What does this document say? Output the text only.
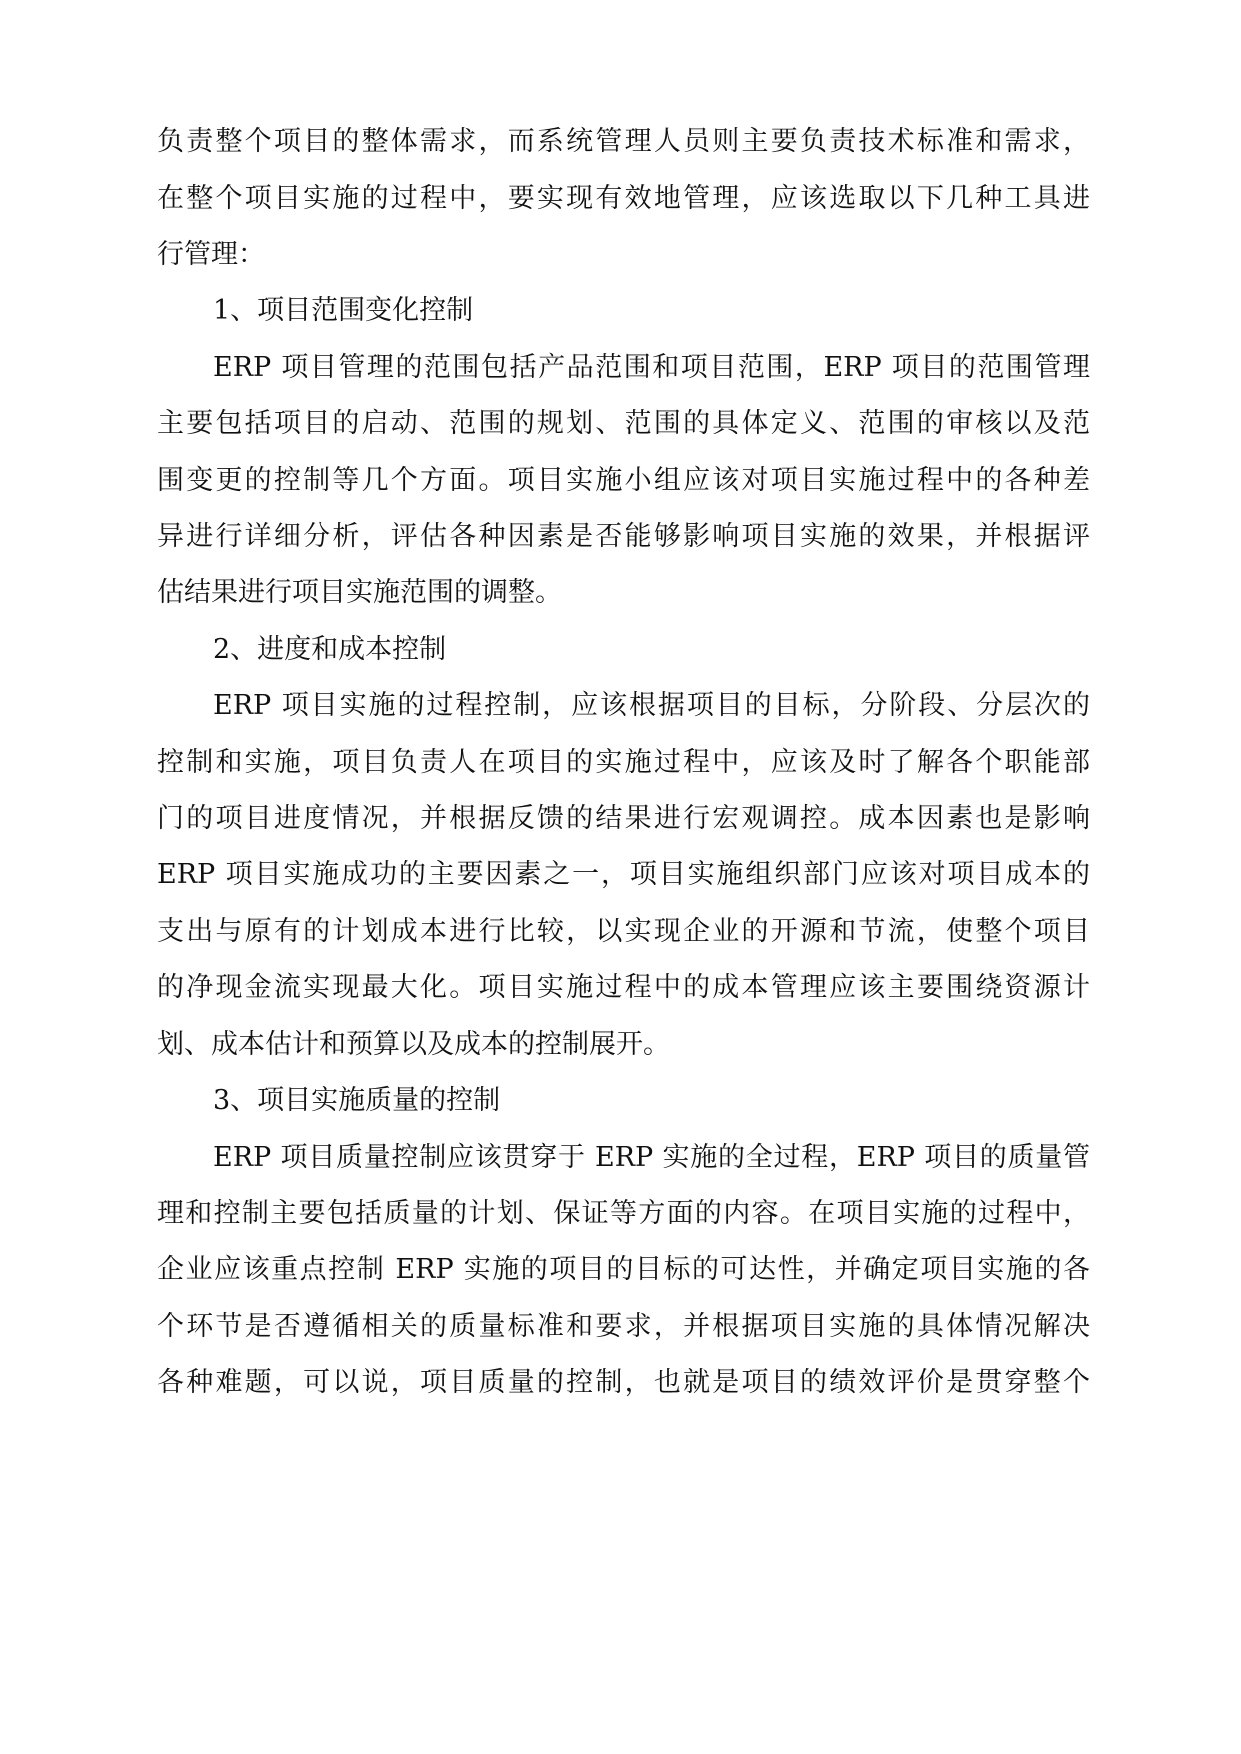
负责整个项目的整体需求，而系统管理人员则主要负责技术标准和需求，
在整个项目实施的过程中，要实现有效地管理，应该选取以下几种工具进
行管理：
1、项目范围变化控制
ERP 项目管理的范围包括产品范围和项目范围，ERP 项目的范围管理
主要包括项目的启动、范围的规划、范围的具体定义、范围的审核以及范
围变更的控制等几个方面。项目实施小组应该对项目实施过程中的各种差
异进行详细分析，评估各种因素是否能够影响项目实施的效果，并根据评
估结果进行项目实施范围的调整。
2、进度和成本控制
ERP 项目实施的过程控制，应该根据项目的目标，分阶段、分层次的
控制和实施，项目负责人在项目的实施过程中，应该及时了解各个职能部
门的项目进度情况，并根据反馈的结果进行宏观调控。成本因素也是影响
ERP 项目实施成功的主要因素之一，项目实施组织部门应该对项目成本的
支出与原有的计划成本进行比较，以实现企业的开源和节流，使整个项目
的净现金流实现最大化。项目实施过程中的成本管理应该主要围绕资源计
划、成本估计和预算以及成本的控制展开。
3、项目实施质量的控制
ERP 项目质量控制应该贯穿于 ERP 实施的全过程，ERP 项目的质量管
理和控制主要包括质量的计划、保证等方面的内容。在项目实施的过程中，
企业应该重点控制 ERP 实施的项目的目标的可达性，并确定项目实施的各
个环节是否遵循相关的质量标准和要求，并根据项目实施的具体情况解决
各种难题，可以说，项目质量的控制，也就是项目的绩效评价是贯穿整个
